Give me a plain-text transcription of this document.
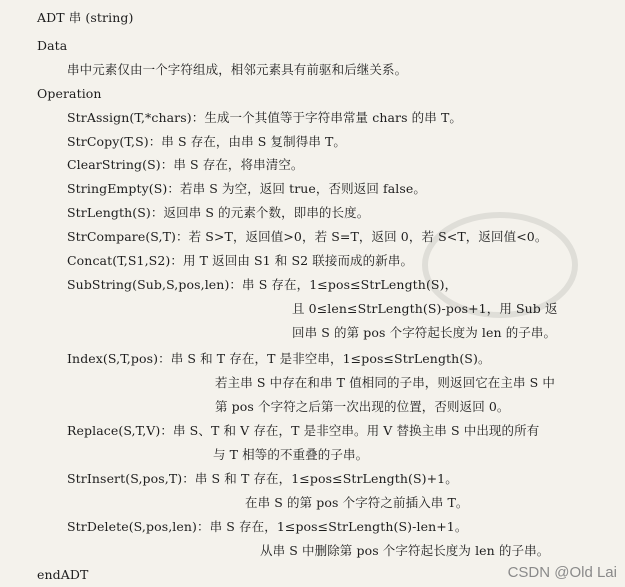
ADT 串 (string)
Data
串中元素仅由一个字符组成，相邻元素具有前驱和后继关系。
Operation
StrAssign(T,*chars)：生成一个其值等于字符串常量 chars 的串 T。
StrCopy(T,S)：串 S 存在，由串 S 复制得串 T。
ClearString(S)：串 S 存在，将串清空。
StringEmpty(S)：若串 S 为空，返回 true，否则返回 false。
StrLength(S)：返回串 S 的元素个数，即串的长度。
StrCompare(S,T)：若 S>T，返回值>0，若 S=T，返回 0，若 S<T，返回值<0。
Concat(T,S1,S2)：用 T 返回由 S1 和 S2 联接而成的新串。
SubString(Sub,S,pos,len)：串 S 存在，1≤pos≤StrLength(S)，
且 0≤len≤StrLength(S)-pos+1，用 Sub 返
回串 S 的第 pos 个字符起长度为 len 的子串。
Index(S,T,pos)：串 S 和 T 存在，T 是非空串，1≤pos≤StrLength(S)。
若主串 S 中存在和串 T 值相同的子串，则返回它在主串 S 中
第 pos 个字符之后第一次出现的位置，否则返回 0。
Replace(S,T,V)：串 S、T 和 V 存在，T 是非空串。用 V 替换主串 S 中出现的所有
与 T 相等的不重叠的子串。
StrInsert(S,pos,T)：串 S 和 T 存在，1≤pos≤StrLength(S)+1。
在串 S 的第 pos 个字符之前插入串 T。
StrDelete(S,pos,len)：串 S 存在，1≤pos≤StrLength(S)-len+1。
从串 S 中删除第 pos 个字符起长度为 len 的子串。
endADT	CSDN @Old Lai
